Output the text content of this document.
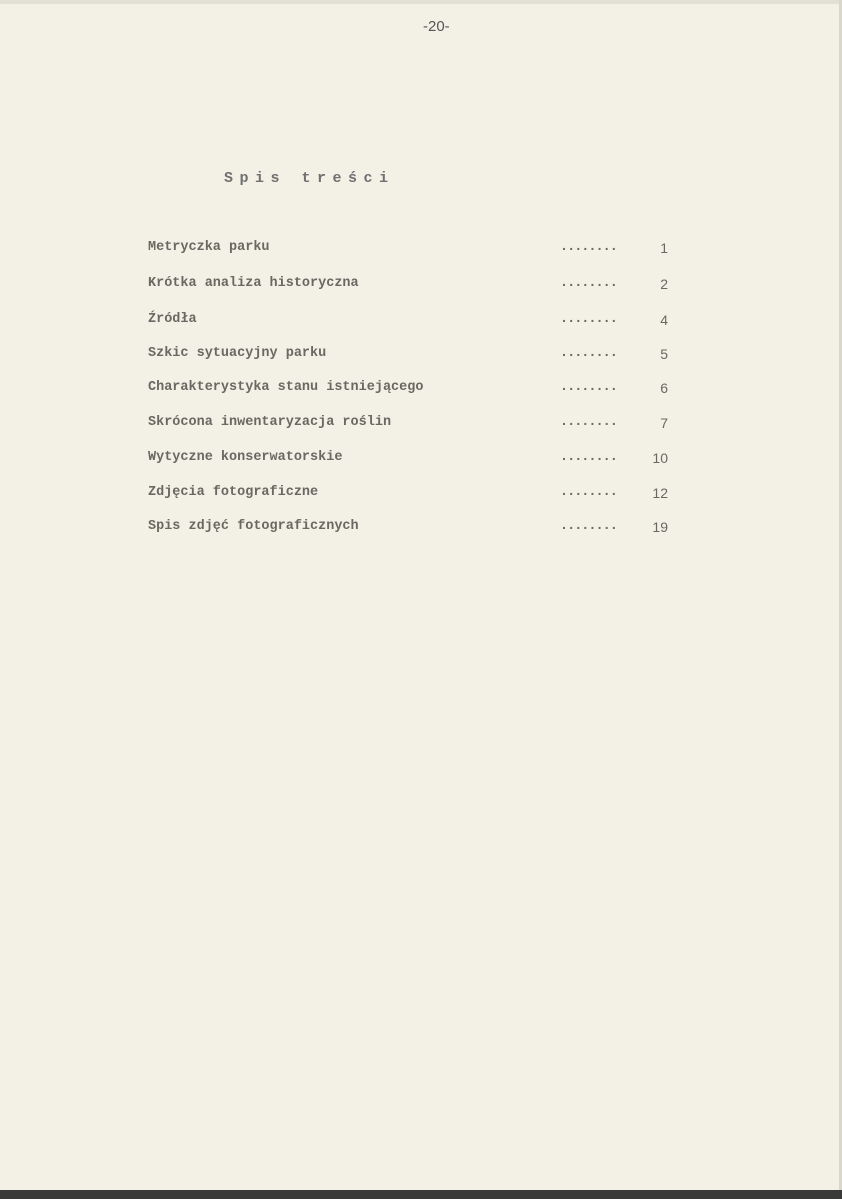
-20-
Spis treści
Metryczka parku	........	1
Krótka analiza historyczna	........	2
Źródła	........	4
Szkic sytuacyjny parku	........	5
Charakterystyka stanu istniejącego	........	6
Skrócona inwentaryzacja roślin	........	7
Wytyczne konserwatorskie	........	10
Zdjęcia fotograficzne	........	12
Spis zdjęć fotograficznych	........	19
